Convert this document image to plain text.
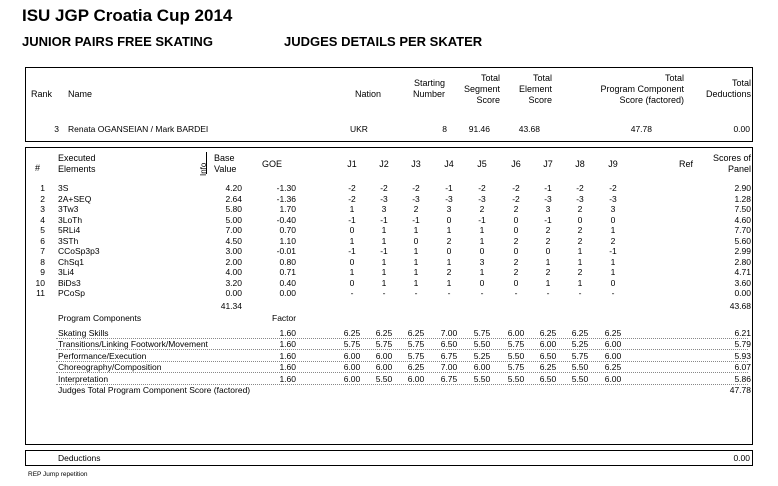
ISU JGP Croatia Cup 2014
JUNIOR PAIRS FREE SKATING	JUDGES DETAILS PER SKATER
Rank Name	Nation
Starting
Number
Total
Segment
Score
Total
Element
Score
Total
Program Component
Score (factored)
Total
Deductions
3 Renata OGANSEIAN / Mark BARDEI	UKR	8	91.46	43.68	47.78	0.00
#
Executed
Elements	Info
Base
Value	GOE	J1	J2	J3	J4	J5	J6	J7	J8	J9	Ref
Scores of
Panel
1 3S	4.20	-1.30	-2	-2	-2	-1	-2	-2	-1	-2	-2	2.90
2 2A+SEQ	2.64	-1.36	-2	-3	-3	-3	-3	-2	-3	-3	-3	1.28
3 3Tw3	5.80	1.70	1	3	2	3	2	2	3	2	3	7.50
4 3LoTh	5.00	-0.40	-1	-1	-1	0	-1	0	-1	0	0	4.60
5 5RLi4	7.00	0.70	0	1	1	1	1	0	2	2	1	7.70
6 3STh	4.50	1.10	1	1	0	2	1	2	2	2	2	5.60
7 CCoSp3p3	3.00	-0.01	-1	-1	1	0	0	0	0	1	-1	2.99
8 ChSq1	2.00	0.80	0	1	1	1	3	2	1	1	1	2.80
9 3Li4	4.00	0.71	1	1	1	2	1	2	2	2	1	4.71
10 BiDs3	3.20	0.40	0	1	1	1	0	0	1	1	0	3.60
11 PCoSp	0.00	0.00	-	-	-	-	-	-	-	-	-	0.00
41.34	43.68
Program Components	Factor
Skating Skills	1.60	6.25	6.25	6.25	7.00	5.75	6.00	6.25	6.25	6.25	6.21
Transitions/Linking Footwork/Movement	1.60	5.75	5.75	5.75	6.50	5.50	5.75	6.00	5.25	6.00	5.79
Performance/Execution	1.60	6.00	6.00	5.75	6.75	5.25	5.50	6.50	5.75	6.00	5.93
Choreography/Composition	1.60	6.00	6.00	6.25	7.00	6.00	5.75	6.25	5.50	6.25	6.07
Interpretation	1.60	6.00	5.50	6.00	6.75	5.50	5.50	6.50	5.50	6.00	5.86
Judges Total Program Component Score (factored)	47.78
Deductions	0.00
REP Jump repetition
